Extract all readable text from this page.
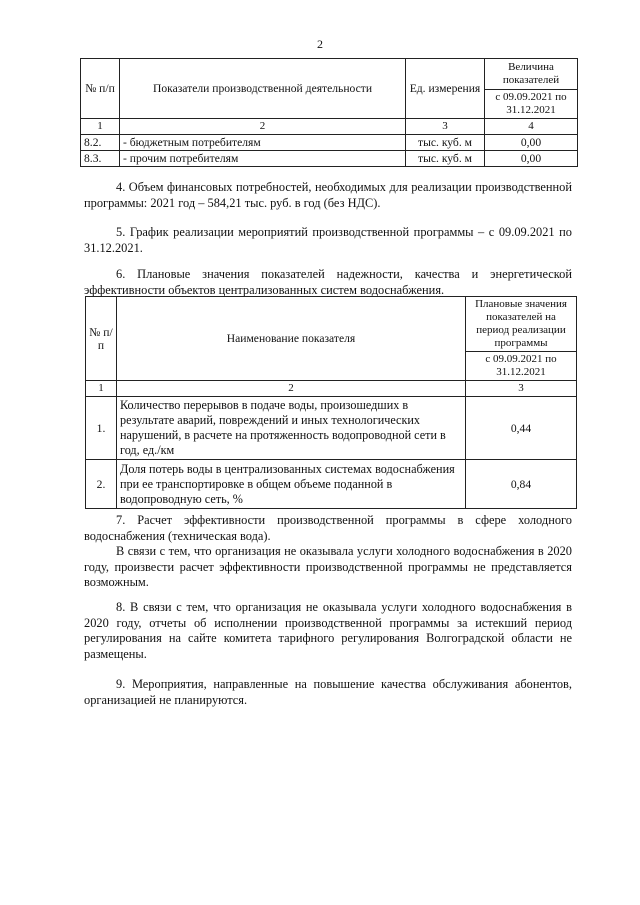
2
№ п/п	Показатели производственной деятельности	Ед. измерения	Величина показателей
			с 09.09.2021 по 31.12.2021

1	2	3	4
8.2.	- бюджетным потребителям	тыс. куб. м	0,00
8.3.	- прочим потребителям	тыс. куб. м	0,00

4. Объем финансовых потребностей, необходимых для реализации производственной программы: 2021 год – 584,21 тыс. руб. в год (без НДС).

5. График реализации мероприятий производственной программы – с 09.09.2021 по 31.12.2021.

6. Плановые значения показателей надежности, качества и энергетической эффективности объектов централизованных систем водоснабжения.

№ п/п	Наименование показателя	Плановые значения показателей на период реализации программы
		с 09.09.2021 по 31.12.2021
1	2	3
1.	Количество перерывов в подаче воды, произошедших в результате аварий, повреждений и иных технологических нарушений, в расчете на протяженность водопроводной сети в год, ед./км	0,44
2.	Доля потерь воды в централизованных системах водоснабжения при ее транспортировке в общем объеме поданной в водопроводную сеть, %	0,84

7. Расчет эффективности производственной программы в сфере холодного водоснабжения (техническая вода).

В связи с тем, что организация не оказывала услуги холодного водоснабжения в 2020 году, произвести расчет эффективности производственной программы не представляется возможным.

8. В связи с тем, что организация не оказывала услуги холодного водоснабжения в 2020 году, отчеты об исполнении производственной программы за истекший период регулирования на сайте комитета тарифного регулирования Волгоградской области не размещены.

9. Мероприятия, направленные на повышение качества обслуживания абонентов, организацией не планируются.
